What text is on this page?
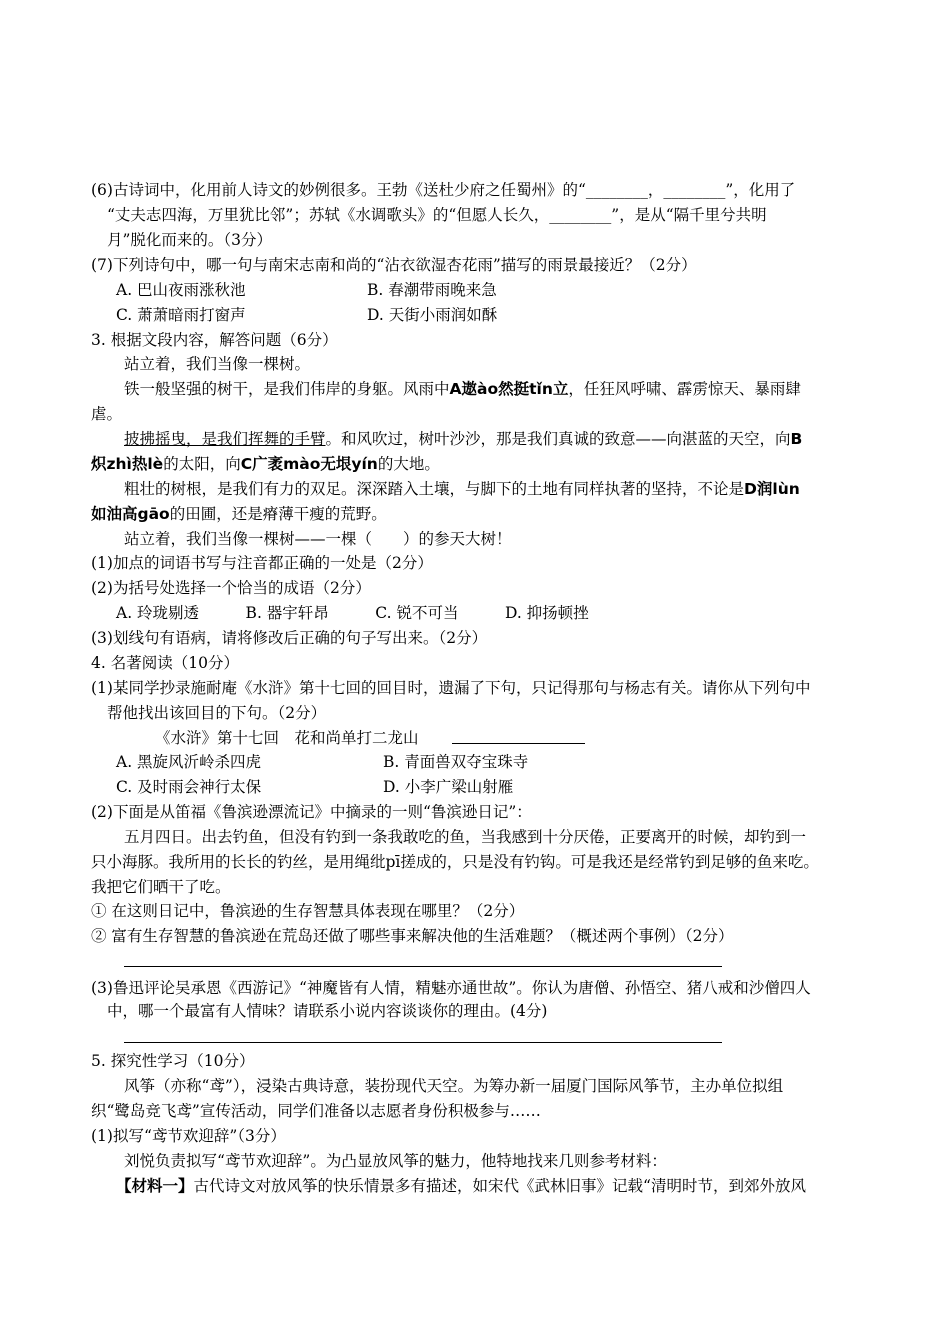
(6)古诗词中，化用前人诗文的妙例很多。王勃《送杜少府之任蜀州》的“________，________”，化用了
“丈夫志四海，万里犹比邻”；苏轼《水调歌头》的“但愿人长久，________”，是从“隔千里兮共明
月”脱化而来的。（3分）
(7)下列诗句中，哪一句与南宋志南和尚的“沾衣欲湿杏花雨”描写的雨景最接近？（2分）
A. 巴山夜雨涨秋池	B. 春潮带雨晚来急
C. 萧萧暗雨打窗声	D. 天街小雨润如酥
3. 根据文段内容，解答问题（6分）
站立着，我们当像一棵树。
铁一般坚强的树干，是我们伟岸的身躯。风雨中A遨ào然挺tǐn立，任狂风呼啸、霹雳惊天、暴雨肆
虐。
披拂摇曳，是我们挥舞的手臂。和风吹过，树叶沙沙，那是我们真诚的致意——向湛蓝的天空，向B
炽zhì热lè的太阳，向C广袤mào无垠yín的大地。
粗壮的树根，是我们有力的双足。深深踏入土壤，与脚下的土地有同样执著的坚持，不论是D润lùn
如油高gāo的田圃，还是瘠薄干瘦的荒野。
站立着，我们当像一棵树——一棵（　　）的参天大树！
(1)加点的词语书写与注音都正确的一处是（2分）
(2)为括号处选择一个恰当的成语（2分）
A. 玲珑剔透　　　B. 器宇轩昂　　　C. 锐不可当　　　D. 抑扬顿挫
(3)划线句有语病，请将修改后正确的句子写出来。（2分）
4. 名著阅读（10分）
(1)某同学抄录施耐庵《水浒》第十七回的回目时，遗漏了下句，只记得那句与杨志有关。请你从下列句中
帮他找出该回目的下句。（2分）
《水浒》第十七回　花和尚单打二龙山
A. 黑旋风沂岭杀四虎	B. 青面兽双夺宝珠寺
C. 及时雨会神行太保	D. 小李广梁山射雁
(2)下面是从笛福《鲁滨逊漂流记》中摘录的一则“鲁滨逊日记”：
五月四日。出去钓鱼，但没有钓到一条我敢吃的鱼，当我感到十分厌倦，正要离开的时候，却钓到一
只小海豚。我所用的长长的钓丝，是用绳纰pī搓成的，只是没有钓钩。可是我还是经常钓到足够的鱼来吃。
我把它们晒干了吃。
① 在这则日记中，鲁滨逊的生存智慧具体表现在哪里？（2分）
② 富有生存智慧的鲁滨逊在荒岛还做了哪些事来解决他的生活难题？（概述两个事例）（2分）
(3)鲁迅评论吴承恩《西游记》“神魔皆有人情，精魅亦通世故”。你认为唐僧、孙悟空、猪八戒和沙僧四人
中，哪一个最富有人情味？请联系小说内容谈谈你的理由。(4分)
5. 探究性学习（10分）
风筝（亦称“鸢”），浸染古典诗意，装扮现代天空。为筹办新一届厦门国际风筝节，主办单位拟组
织“鹭岛竞飞鸢”宣传活动，同学们准备以志愿者身份积极参与……
(1)拟写“鸢节欢迎辞”（3分）
刘悦负责拟写“鸢节欢迎辞”。为凸显放风筝的魅力，他特地找来几则参考材料：
【材料一】古代诗文对放风筝的快乐情景多有描述，如宋代《武林旧事》记载“清明时节，到郊外放风
